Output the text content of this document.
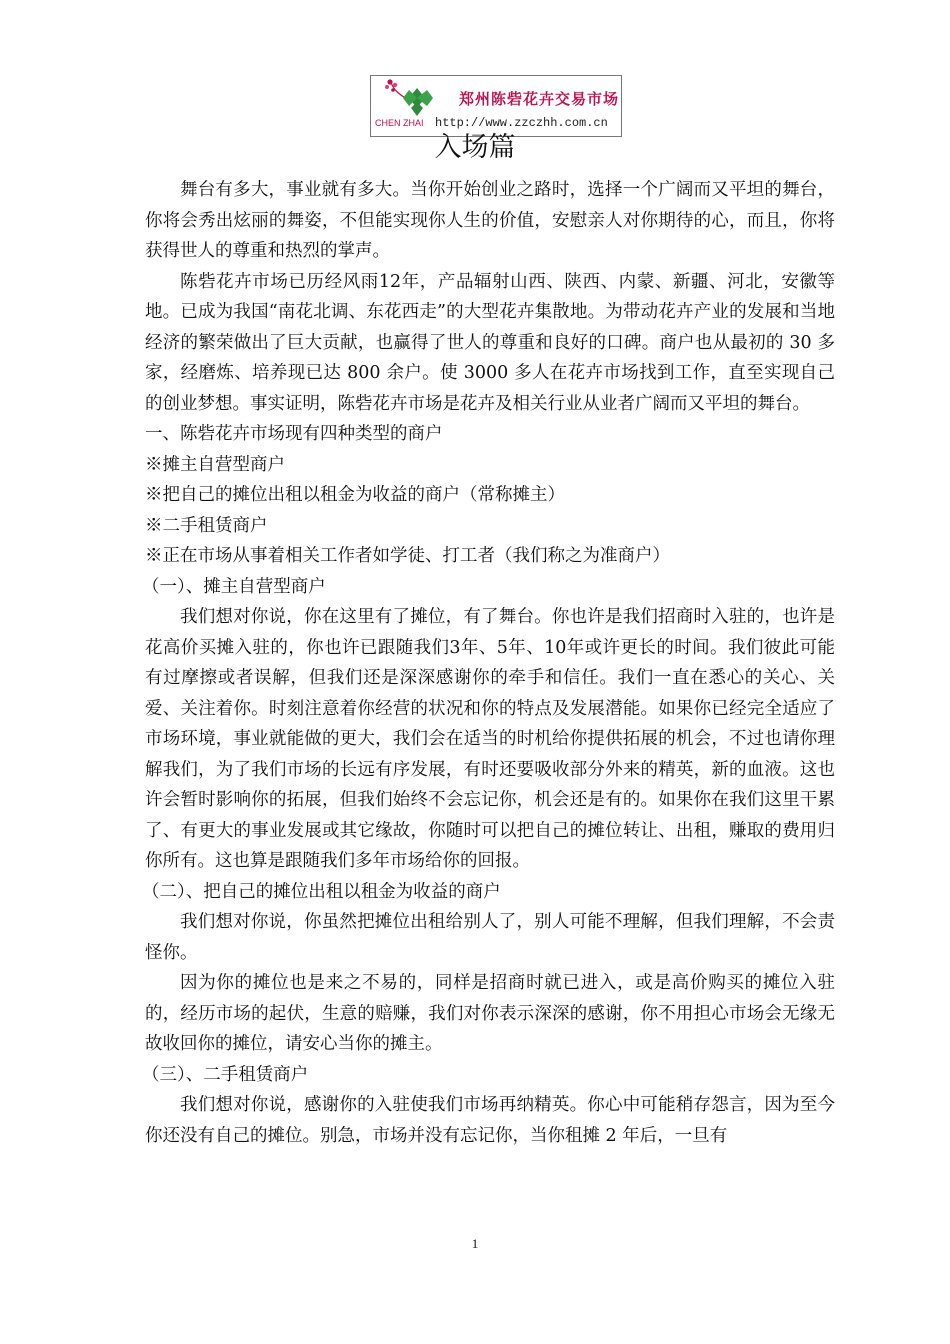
郑州陈砦花卉交易市场
CHEN ZHAI http://www.zzczhh.com.cn
入场篇

舞台有多大，事业就有多大。当你开始创业之路时，选择一个广阔而又平坦的舞台，你将会秀出炫丽的舞姿，不但能实现你人生的价值，安慰亲人对你期待的心，而且，你将获得世人的尊重和热烈的掌声。

陈砦花卉市场已历经风雨12年，产品辐射山西、陕西、内蒙、新疆、河北，安徽等地。已成为我国“南花北调、东花西走”的大型花卉集散地。为带动花卉产业的发展和当地经济的繁荣做出了巨大贡献，也赢得了世人的尊重和良好的口碑。商户也从最初的 30 多家，经磨炼、培养现已达 800 余户。使 3000 多人在花卉市场找到工作，直至实现自己的创业梦想。事实证明，陈砦花卉市场是花卉及相关行业从业者广阔而又平坦的舞台。

一、陈砦花卉市场现有四种类型的商户

※摊主自营型商户

※把自己的摊位出租以租金为收益的商户（常称摊主）

※二手租赁商户

※正在市场从事着相关工作者如学徒、打工者（我们称之为准商户）

（一）、摊主自营型商户

我们想对你说，你在这里有了摊位，有了舞台。你也许是我们招商时入驻的，也许是花高价买摊入驻的，你也许已跟随我们3年、5年、10年或许更长的时间。我们彼此可能有过摩擦或者误解，但我们还是深深感谢你的牵手和信任。我们一直在悉心的关心、关爱、关注着你。时刻注意着你经营的状况和你的特点及发展潜能。如果你已经完全适应了市场环境，事业就能做的更大，我们会在适当的时机给你提供拓展的机会，不过也请你理解我们，为了我们市场的长远有序发展，有时还要吸收部分外来的精英，新的血液。这也许会暂时影响你的拓展，但我们始终不会忘记你，机会还是有的。如果你在我们这里干累了、有更大的事业发展或其它缘故，你随时可以把自己的摊位转让、出租，赚取的费用归你所有。这也算是跟随我们多年市场给你的回报。

（二）、把自己的摊位出租以租金为收益的商户

我们想对你说，你虽然把摊位出租给别人了，别人可能不理解，但我们理解，不会责怪你。

因为你的摊位也是来之不易的，同样是招商时就已进入，或是高价购买的摊位入驻的，经历市场的起伏，生意的赔赚，我们对你表示深深的感谢，你不用担心市场会无缘无故收回你的摊位，请安心当你的摊主。

（三）、二手租赁商户

我们想对你说，感谢你的入驻使我们市场再纳精英。你心中可能稍存怨言，因为至今你还没有自己的摊位。别急，市场并没有忘记你，当你租摊 2 年后，一旦有

1
